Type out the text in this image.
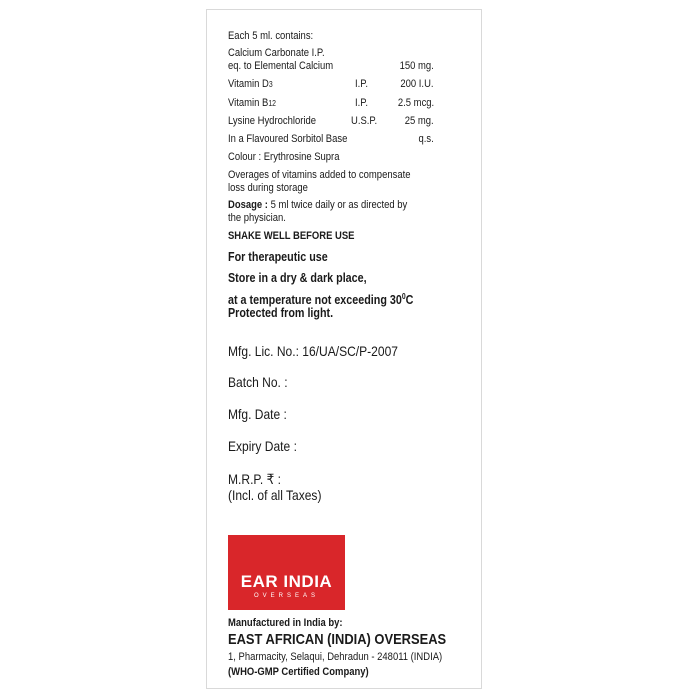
Each 5 ml. contains:
Calcium Carbonate I.P.
eq. to Elemental Calcium	150 mg.
Vitamin D3	I.P.	200 I.U.
Vitamin B12	I.P.	2.5 mcg.
Lysine Hydrochloride	U.S.P.	25 mg.
In a Flavoured Sorbitol Base	q.s.
Colour : Erythrosine Supra
Overages of vitamins added to compensate
loss during storage
Dosage : 5 ml twice daily or as directed by
the physician.
SHAKE WELL BEFORE USE
For therapeutic use
Store in a dry & dark place,
at a temperature not exceeding $30^0C$
Protected from light.
Mfg. Lic. No.: 16/UA/SC/P-2007
Batch No. :
Mfg. Date :
Expiry Date :
M.R.P. ₹ :
(Incl. of all Taxes)
EAR INDIA
OVERSEAS
Manufactured in India by:
EAST AFRICAN (INDIA) OVERSEAS
1, Pharmacity, Selaqui, Dehradun - 248011 (INDIA)
(WHO-GMP Certified Company)
